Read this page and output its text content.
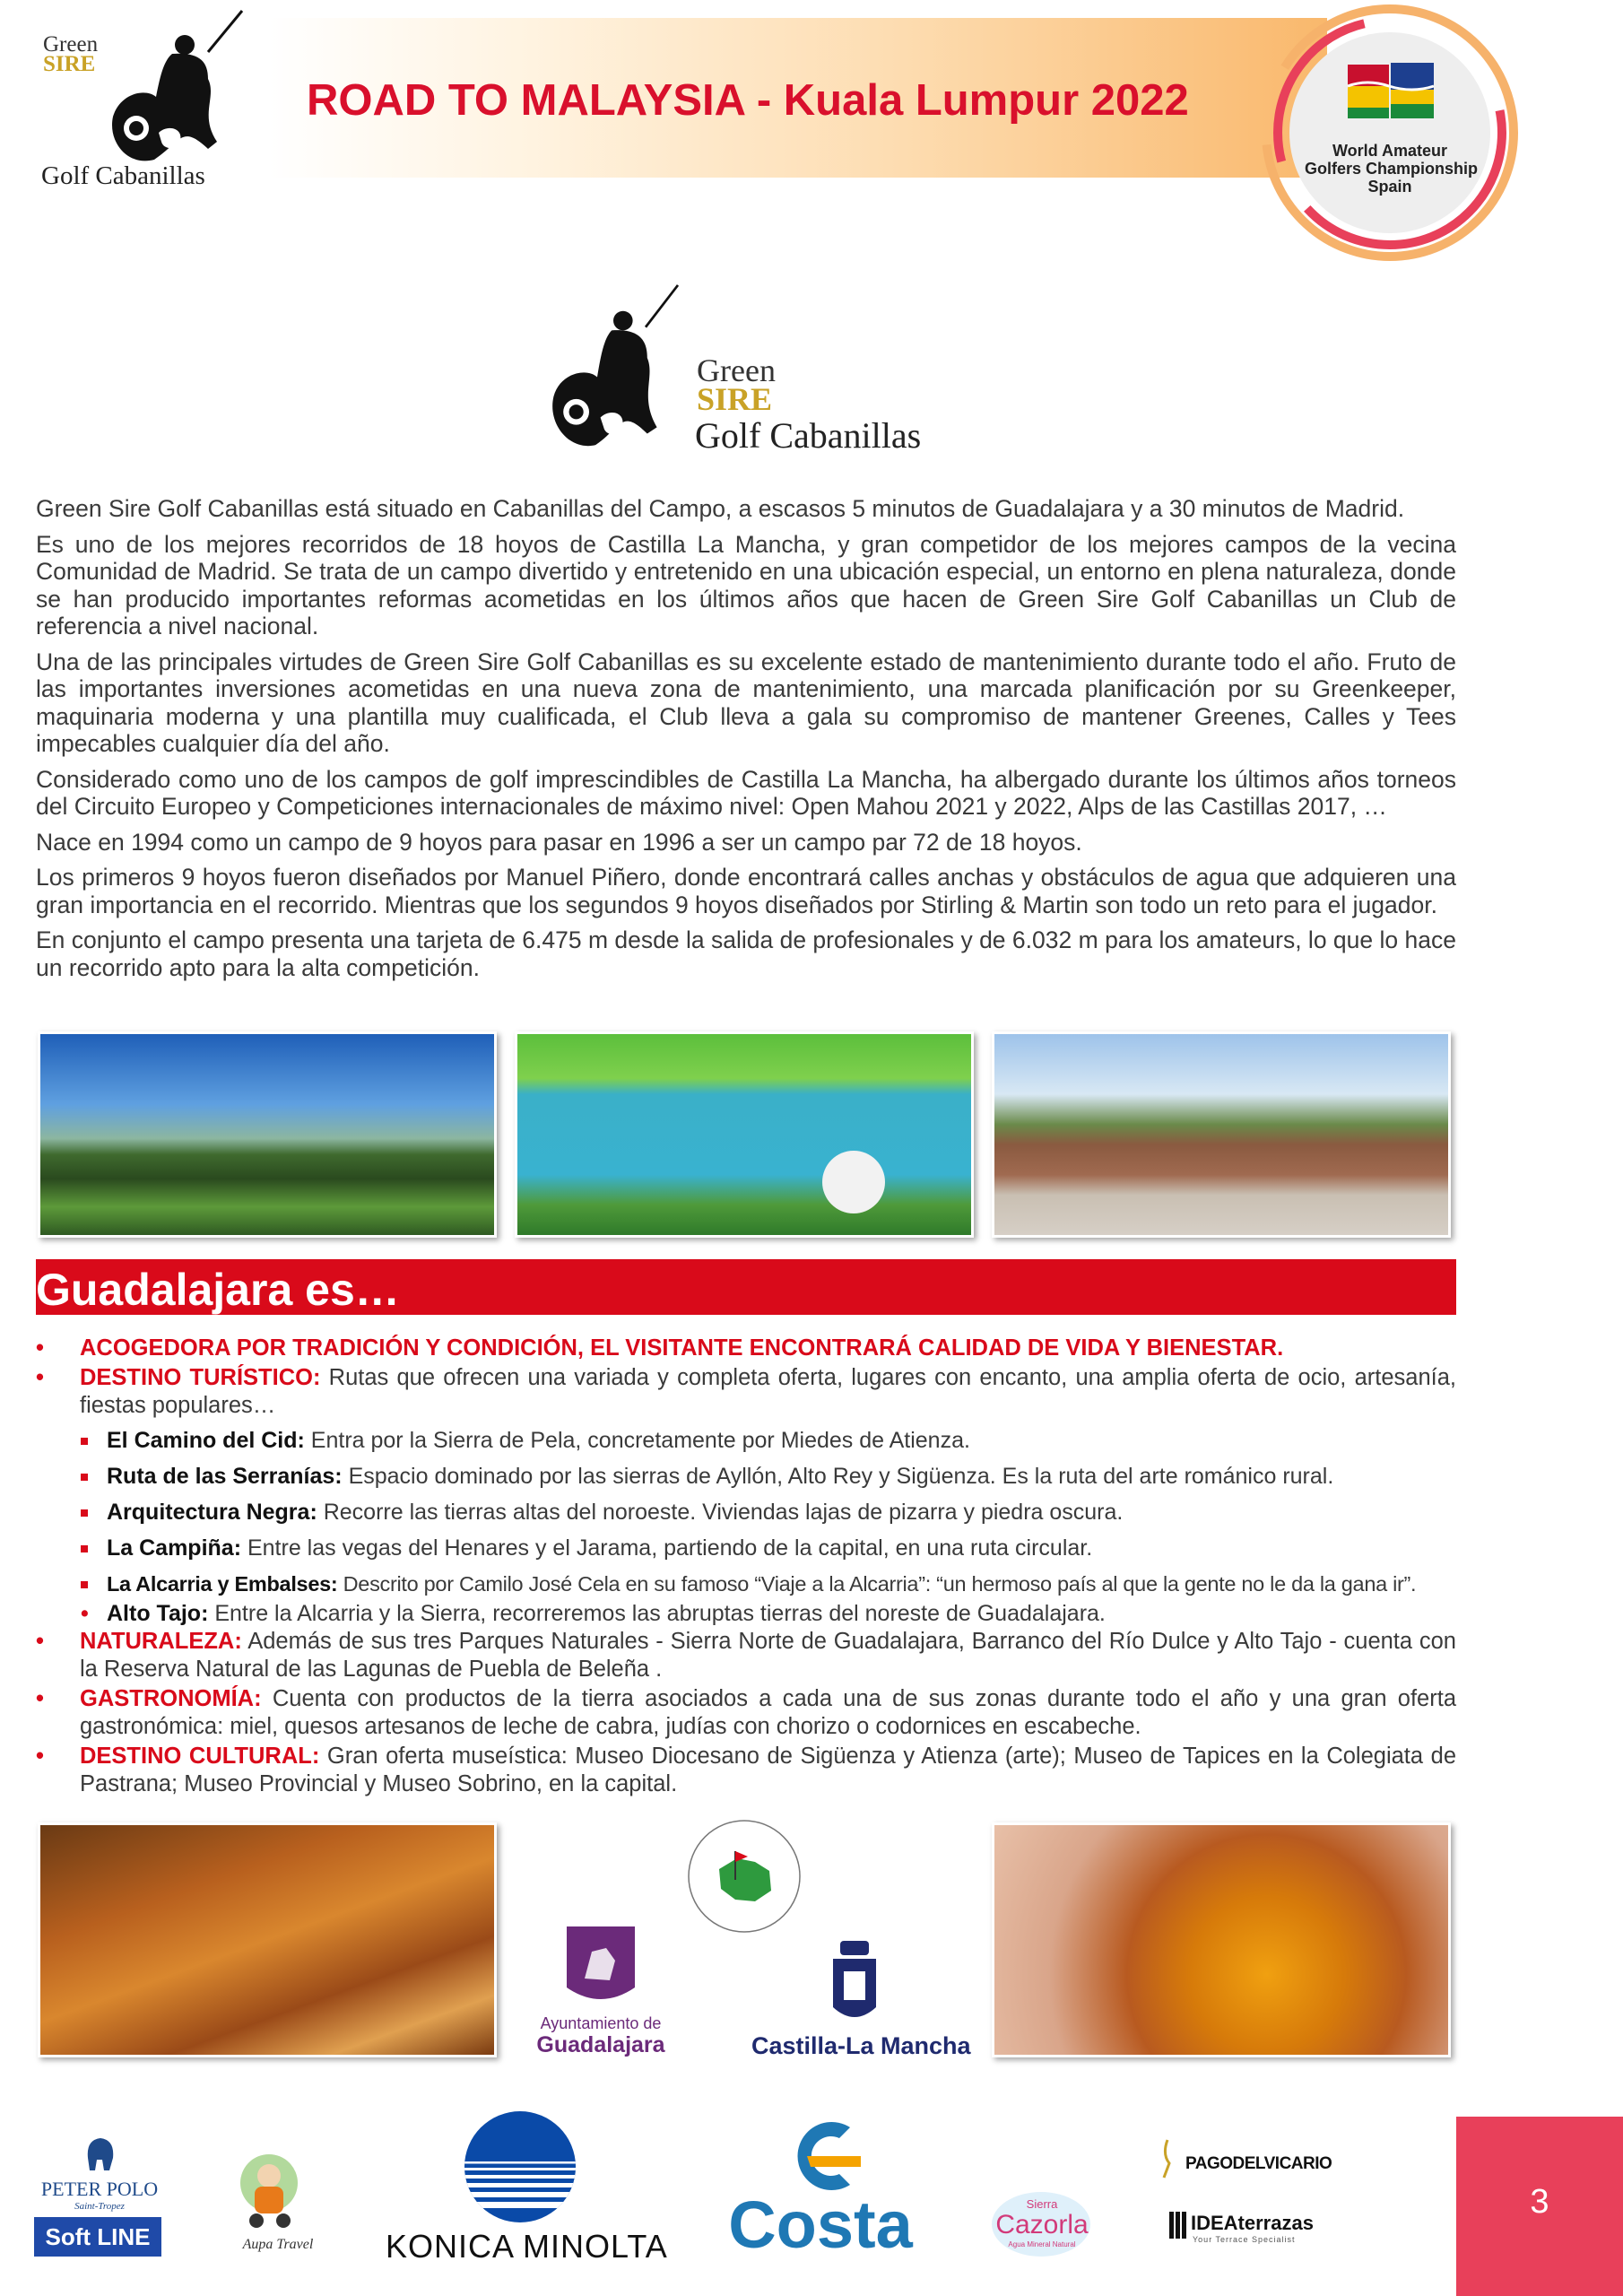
ROAD TO MALAYSIA - Kuala Lumpur 2022
Green
SIRE
Golf Cabanillas
World Amateur
Golfers Championship
Spain
Green
SIRE
Golf Cabanillas

Green Sire Golf Cabanillas está situado en Cabanillas del Campo, a escasos 5 minutos de Guadalajara y a 30 minutos de Madrid.

Es uno de los mejores recorridos de 18 hoyos de Castilla La Mancha, y gran competidor de los mejores campos de la vecina Comunidad de Madrid. Se trata de un campo divertido y entretenido en una ubicación especial, un entorno en plena naturaleza, donde se han producido importantes reformas acometidas en los últimos años que hacen de Green Sire Golf Cabanillas un Club de referencia a nivel nacional.

Una de las principales virtudes de Green Sire Golf Cabanillas es su excelente estado de mantenimiento durante todo el año. Fruto de las importantes inversiones acometidas en una nueva zona de mantenimiento, una marcada planificación por su Greenkeeper, maquinaria moderna y una plantilla muy cualificada, el Club lleva a gala su compromiso de mantener Greenes, Calles y Tees impecables cualquier día del año.

Considerado como uno de los campos de golf imprescindibles de Castilla La Mancha, ha albergado durante los últimos años torneos del Circuito Europeo y Competiciones internacionales de máximo nivel: Open Mahou 2021 y 2022, Alps de las Castillas 2017, …

Nace en 1994 como un campo de 9 hoyos para pasar en 1996 a ser un campo par 72 de 18 hoyos.

Los primeros 9 hoyos fueron diseñados por Manuel Piñero, donde encontrará calles anchas y obstáculos de agua que adquieren una gran importancia en el recorrido. Mientras que los segundos 9 hoyos diseñados por Stirling & Martin son todo un reto para el jugador.

En conjunto el campo presenta una tarjeta de 6.475 m desde la salida de profesionales y de 6.032 m para los amateurs, lo que lo hace un recorrido apto para la alta competición.

Guadalajara es…
• ACOGEDORA POR TRADICIÓN Y CONDICIÓN, EL VISITANTE ENCONTRARÁ CALIDAD DE VIDA Y BIENESTAR.
• DESTINO TURÍSTICO: Rutas que ofrecen una variada y completa oferta, lugares con encanto, una amplia oferta de ocio, artesanía, fiestas populares…
El Camino del Cid: Entra por la Sierra de Pela, concretamente por Miedes de Atienza.
Ruta de las Serranías: Espacio dominado por las sierras de Ayllón, Alto Rey y Sigüenza. Es la ruta del arte románico rural.
Arquitectura Negra: Recorre las tierras altas del noroeste. Viviendas lajas de pizarra y piedra oscura.
La Campiña: Entre las vegas del Henares y el Jarama, partiendo de la capital, en una ruta circular.
La Alcarria y Embalses: Descrito por Camilo José Cela en su famoso “Viaje a la Alcarria”: “un hermoso país al que la gente no le da la gana ir”.
• Alto Tajo: Entre la Alcarria y la Sierra, recorreremos las abruptas tierras del noreste de Guadalajara.
• NATURALEZA: Además de sus tres Parques Naturales - Sierra Norte de Guadalajara, Barranco del Río Dulce y Alto Tajo - cuenta con la Reserva Natural de las Lagunas de Puebla de Beleña .
• GASTRONOMÍA: Cuenta con productos de la tierra asociados a cada una de sus zonas durante todo el año y una gran oferta gastronómica: miel, quesos artesanos de leche de cabra, judías con chorizo o codornices en escabeche.
• DESTINO CULTURAL: Gran oferta museística: Museo Diocesano de Sigüenza y Atienza (arte); Museo de Tapices en la Colegiata de Pastrana; Museo Provincial y Museo Sobrino, en la capital.
Ayuntamiento de
Guadalajara	Castilla-La Mancha
PETER POLO
Saint-Tropez
Soft LINE	Aupa Travel	KONICA MINOLTA Costa	Sierra
Cazorla
Agua Mineral Natural
PAGODELVICARIO
IDEAterrazas
Your Terrace Specialist
3
